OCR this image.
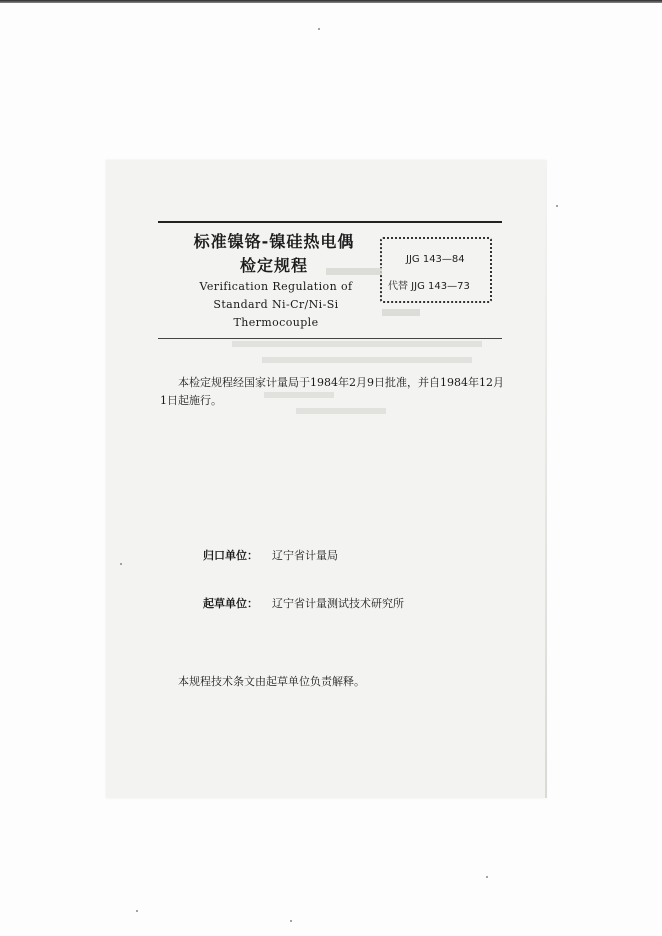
标准镍铬-镍硅热电偶
检定规程
Verification Regulation of
Standard Ni-Cr/Ni-Si
Thermocouple
JJG 143—84
代替 JJG 143—73
本检定规程经国家计量局于1984年2月9日批准，并自1984年12月1日起施行。
归口单位： 辽宁省计量局
起草单位： 辽宁省计量测试技术研究所
本规程技术条文由起草单位负责解释。
